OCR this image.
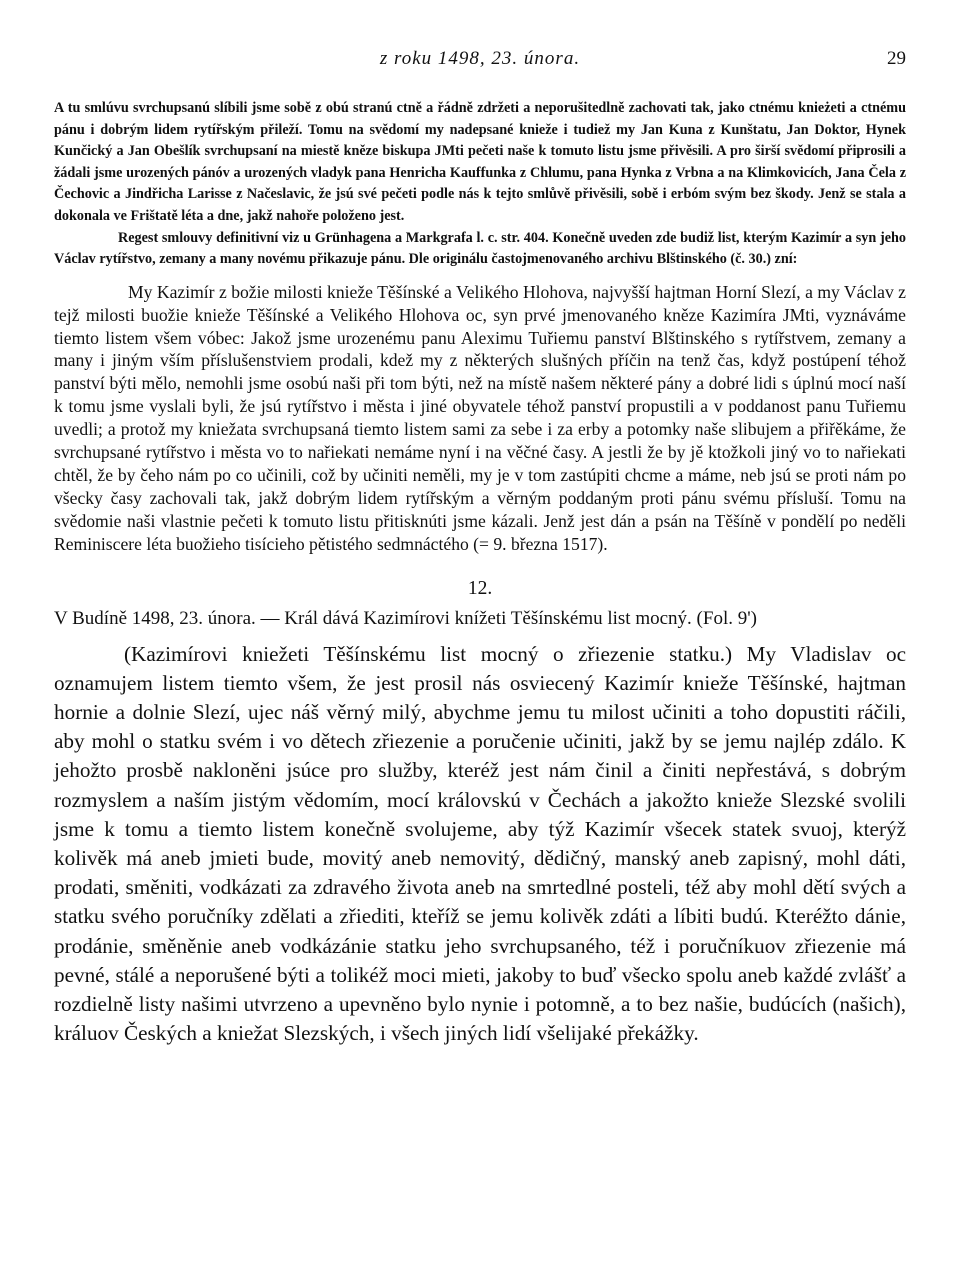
z roku 1498, 23. února.	29

A tu smlúvu svrchupsanú slíbili jsme sobě z obú stranú ctně a řádně zdržeti a neporušitedlně zachovati tak, jako ctnému knieżeti a ctnému pánu i dobrým lidem rytířským přileží. Tomu na svědomí my nadepsané knieže i tudiež my Jan Kuna z Kunštatu, Jan Doktor, Hynek Kunčický a Jan Obešlík svrchupsaní na miestě kněze biskupa JMti pečeti naše k tomuto listu jsme přivěsili. A pro širší svědomí připrosili a žádali jsme urozených pánóv a urozených vladyk pana Henricha Kauffunka z Chlumu, pana Hynka z Vrbna a na Klimkovicích, Jana Čela z Čechovic a Jindřicha Larisse z Načeslavic, že jsú své pečeti podle nás k tejto smlůvě přivěsili, sobě i erbóm svým bez škody. Jenž se stala a dokonala ve Frištatě léta a dne, jakž nahoře položeno jest.

Regest smlouvy definitivní viz u Grünhagena a Markgrafa l. c. str. 404. Konečně uveden zde budiž list, kterým Kazimír a syn jeho Václav rytířstvo, zemany a many novému přikazuje pánu. Dle originálu častojmenovaného archivu Blštinského (č. 30.) zní:

My Kazimír z božie milosti knieže Těšínské a Velikého Hlohova, najvyšší hajtman Horní Slezí, a my Václav z tejž milosti buožie knieže Těšínské a Velikého Hlohova oc, syn prvé jmenovaného kněze Kazimíra JMti, vyznáváme tiemto listem všem vóbec: Jakož jsme urozenému panu Aleximu Tuřiemu panství Blštinského s rytířstvem, zemany a many i jiným vším příslušenstviem prodali, kdež my z některých slušných příčin na tenž čas, když postúpení téhož panství býti mělo, nemohli jsme osobú naši při tom býti, než na místě našem některé pány a dobré lidi s úplnú mocí naší k tomu jsme vyslali byli, že jsú rytířstvo i města i jiné obyvatele téhož panství propustili a v poddanost panu Tuřiemu uvedli; a protož my kniežata svrchupsaná tiemto listem sami za sebe i za erby a potomky naše slibujem a přiřěkáme, že svrchupsané rytířstvo i města vo to nařiekati nemáme nyní i na věčné časy. A jestli že by jě ktožkoli jiný vo to nařiekati chtěl, že by čeho nám po co učinili, což by učiniti neměli, my je v tom zastúpiti chcme a máme, neb jsú se proti nám po všecky časy zachovali tak, jakž dobrým lidem rytířským a věrným poddaným proti pánu svému přísluší. Tomu na svědomie naši vlastnie pečeti k tomuto listu přitisknúti jsme kázali. Jenž jest dán a psán na Těšíně v pondělí po neděli Reminiscere léta buožieho tisícieho pětistého sedmnáctého (= 9. března 1517).

12.

V Budíně 1498, 23. února. — Král dává Kazimírovi knížeti Těšínskému list mocný. (Fol. 9')

(Kazimírovi kniežeti Těšínskému list mocný o zřiezenie statku.) My Vladislav oc oznamujem listem tiemto všem, že jest prosil nás osviecený Kazimír knieže Těšínské, hajtman hornie a dolnie Slezí, ujec náš věrný milý, abychme jemu tu milost učiniti a toho dopustiti ráčili, aby mohl o statku svém i vo dětech zřiezenie a poručenie učiniti, jakž by se jemu najlép zdálo. K jehožto prosbě nakloněni jsúce pro služby, kteréž jest nám činil a činiti nepřestává, s dobrým rozmyslem a naším jistým vědomím, mocí královskú v Čechách a jakožto knieže Slezské svolili jsme k tomu a tiemto listem konečně svolujeme, aby týž Kazimír všecek statek svuoj, kterýž kolivěk má aneb jmieti bude, movitý aneb nemovitý, dědičný, manský aneb zapisný, mohl dáti, prodati, směniti, vodkázati za zdravého života aneb na smrtedlné posteli, též aby mohl dětí svých a statku svého poručníky zdělati a zřiediti, kteříž se jemu kolivěk zdáti a líbiti budú. Kteréžto dánie, prodánie, směněnie aneb vodkázánie statku jeho svrchupsaného, též i poručníkuov zřiezenie má pevné, stálé a neporušené býti a tolikéž moci mieti, jakoby to buď všecko spolu aneb každé zvlášť a rozdielně listy našimi utvrzeno a upevněno bylo nynie i potomně, a to bez našie, budúcích (našich), králuov Českých a kniežat Slezských, i všech jiných lidí všelijaké překážky.
